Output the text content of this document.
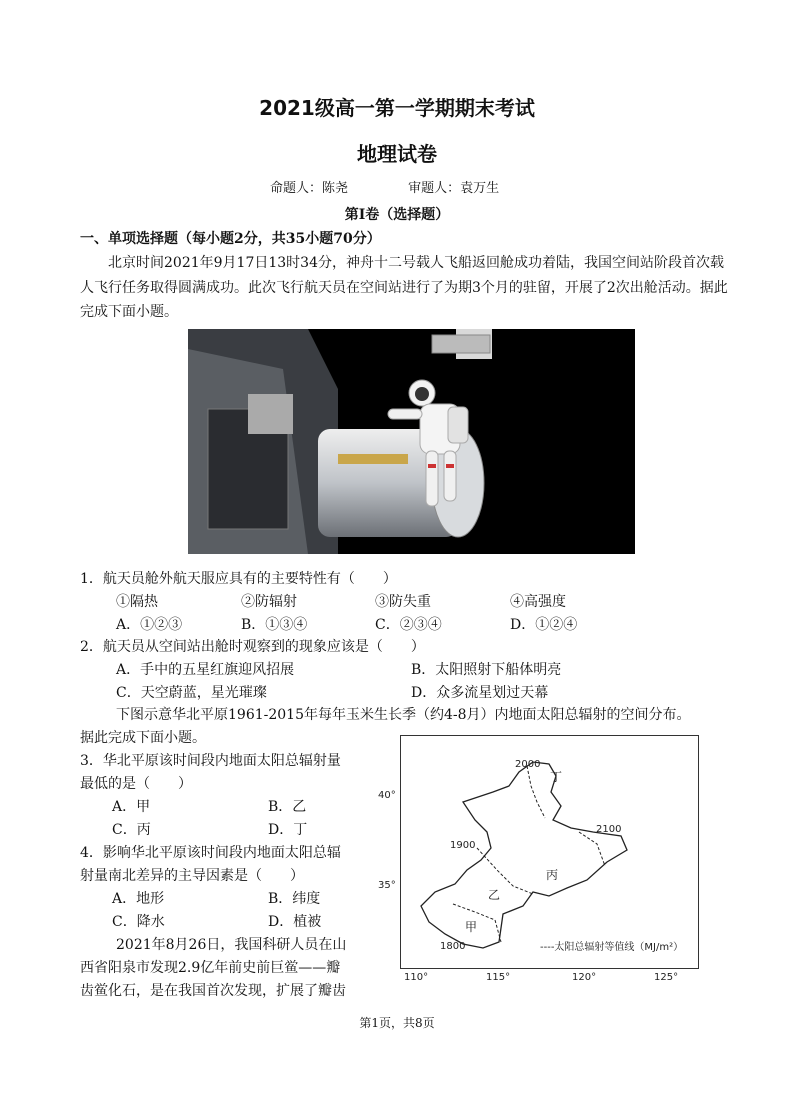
2021级高一第一学期期末考试
地理试卷
命题人：陈尧	审题人：袁万生
第Ⅰ卷（选择题）
一、单项选择题（每小题2分，共35小题70分）
北京时间2021年9月17日13时34分，神舟十二号载人飞船返回舱成功着陆，我国空间站阶段首次载人飞行任务取得圆满成功。此次飞行航天员在空间站进行了为期3个月的驻留，开展了2次出舱活动。据此完成下面小题。
1．航天员舱外航天服应具有的主要特性有（　　）
①隔热	②防辐射	③防失重	④高强度
A．①②③	B．①③④	C．②③④	D．①②④
2．航天员从空间站出舱时观察到的现象应该是（　　）
A．手中的五星红旗迎风招展	B．太阳照射下船体明亮
C．天空蔚蓝，星光璀璨	D．众多流星划过天幕
下图示意华北平原1961-2015年每年玉米生长季（约4-8月）内地面太阳总辐射的空间分布。
据此完成下面小题。
3．华北平原该时间段内地面太阳总辐射量
最低的是（　　）
A．甲	B．乙
C．丙	D．丁
4．影响华北平原该时间段内地面太阳总辐
射量南北差异的主导因素是（　　）
A．地形	B．纬度
C．降水	D．植被
2021年8月26日，我国科研人员在山
西省阳泉市发现2.9亿年前史前巨鲎——瓣
齿鲎化石，是在我国首次发现，扩展了瓣齿
40°
35°
110°	115°	120°	125°
2000
2100
1900
1800
甲
乙
丙
丁
----太阳总辐射等值线（MJ/m²）
第1页，共8页
